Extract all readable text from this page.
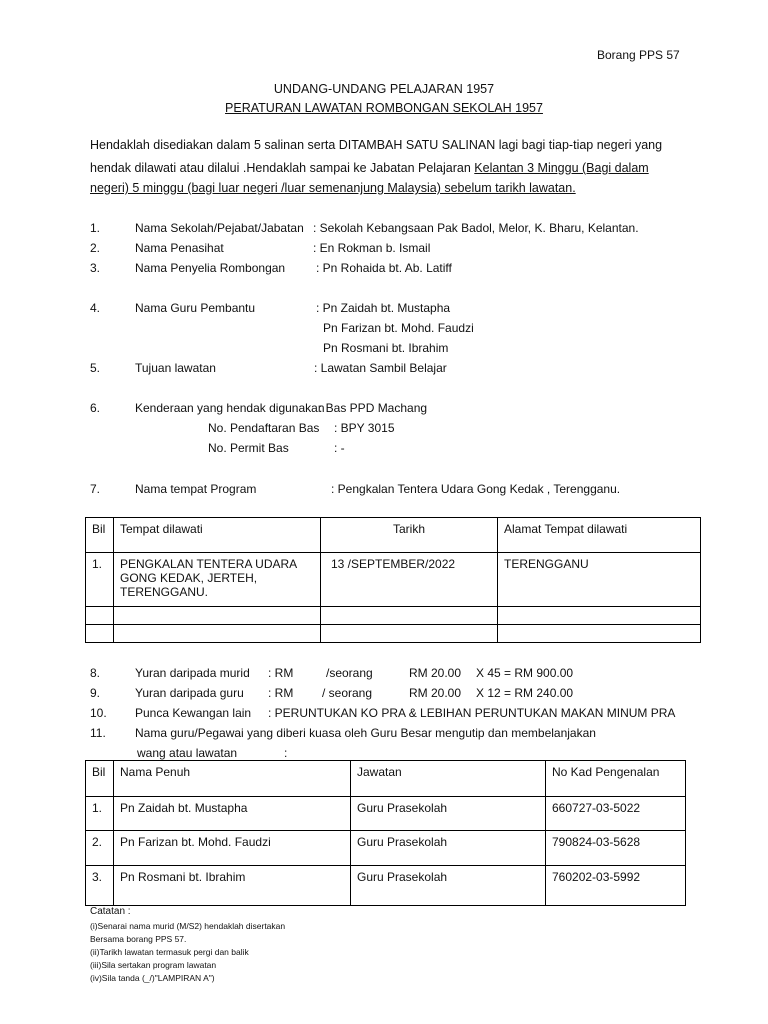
Borang PPS 57
UNDANG-UNDANG PELAJARAN 1957
PERATURAN LAWATAN ROMBONGAN SEKOLAH 1957
Hendaklah disediakan dalam 5 salinan serta DITAMBAH SATU SALINAN lagi bagi tiap-tiap negeri yang
hendak dilawati atau dilalui .Hendaklah sampai ke Jabatan Pelajaran Kelantan 3 Minggu (Bagi dalam
negeri) 5 minggu (bagi luar negeri /luar semenanjung Malaysia) sebelum tarikh lawatan.
1.	Nama Sekolah/Pejabat/Jabatan : Sekolah Kebangsaan Pak Badol, Melor, K. Bharu, Kelantan.
2.	Nama Penasihat	: En Rokman b. Ismail
3.	Nama Penyelia Rombongan	: Pn Rohaida bt. Ab. Latiff
4.	Nama Guru Pembantu	: Pn Zaidah bt. Mustapha
Pn Farizan bt. Mohd. Faudzi
Pn Rosmani bt. Ibrahim
5.	Tujuan lawatan	: Lawatan Sambil Belajar
6.	Kenderaan yang hendak digunakan
: Bas PPD Machang
No. Pendaftaran Bas : BPY 3015
No. Permit Bas	: -
7.	Nama tempat Program	: Pengkalan Tentera Udara Gong Kedak , Terengganu.
Bil	Tempat dilawati	Tarikh	Alamat Tempat dilawati
1.	PENGKALAN TENTERA UDARA
GONG KEDAK, JERTEH,
TERENGGANU.	13 /SEPTEMBER/2022	TERENGGANU

8.	Yuran daripada murid : RM	/seorang	RM 20.00 X 45 = RM 900.00
9.	Yuran daripada guru : RM / seorang	RM 20.00 X 12 = RM 240.00
10. Punca Kewangan lain : PERUNTUKAN KO PRA & LEBIHAN PERUNTUKAN MAKAN MINUM PRA
11. Nama guru/Pegawai yang diberi kuasa oleh Guru Besar mengutip dan membelanjakan
wang atau lawatan	:
Bil	Nama Penuh	Jawatan	No Kad Pengenalan
1.	Pn Zaidah bt. Mustapha	Guru Prasekolah	660727-03-5022
2.	Pn Farizan bt. Mohd. Faudzi	Guru Prasekolah	790824-03-5628
3.	Pn Rosmani bt. Ibrahim	Guru Prasekolah	760202-03-5992
Catatan :
(i)Senarai nama murid (M/S2) hendaklah disertakan
Bersama borang PPS 57.
(ii)Tarikh lawatan termasuk pergi dan balik
(iii)Sila sertakan program lawatan
(iv)Sila tanda (_/)"LAMPIRAN A")
